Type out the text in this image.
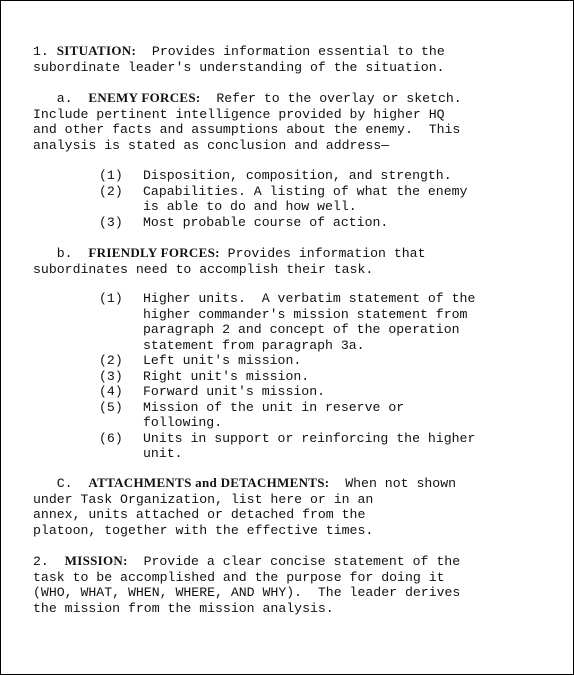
1. SITUATION: Provides information essential to the
subordinate leader's understanding of the situation.
a. ENEMY FORCES: Refer to the overlay or sketch.
Include pertinent intelligence provided by higher HQ
and other facts and assumptions about the enemy.  This
analysis is stated as conclusion and address—
(1) Disposition, composition, and strength.
(2) Capabilities. A listing of what the enemy
is able to do and how well.
(3) Most probable course of action.
b. FRIENDLY FORCES: Provides information that
subordinates need to accomplish their task.
(1) Higher units.  A verbatim statement of the
higher commander's mission statement from
paragraph 2 and concept of the operation
statement from paragraph 3a.
(2) Left unit's mission.
(3) Right unit's mission.
(4) Forward unit's mission.
(5) Mission of the unit in reserve or
following.
(6) Units in support or reinforcing the higher
unit.
C. ATTACHMENTS and DETACHMENTS: When not shown
under Task Organization, list here or in an
annex, units attached or detached from the
platoon, together with the effective times.
2. MISSION: Provide a clear concise statement of the
task to be accomplished and the purpose for doing it
(WHO, WHAT, WHEN, WHERE, AND WHY).  The leader derives
the mission from the mission analysis.
